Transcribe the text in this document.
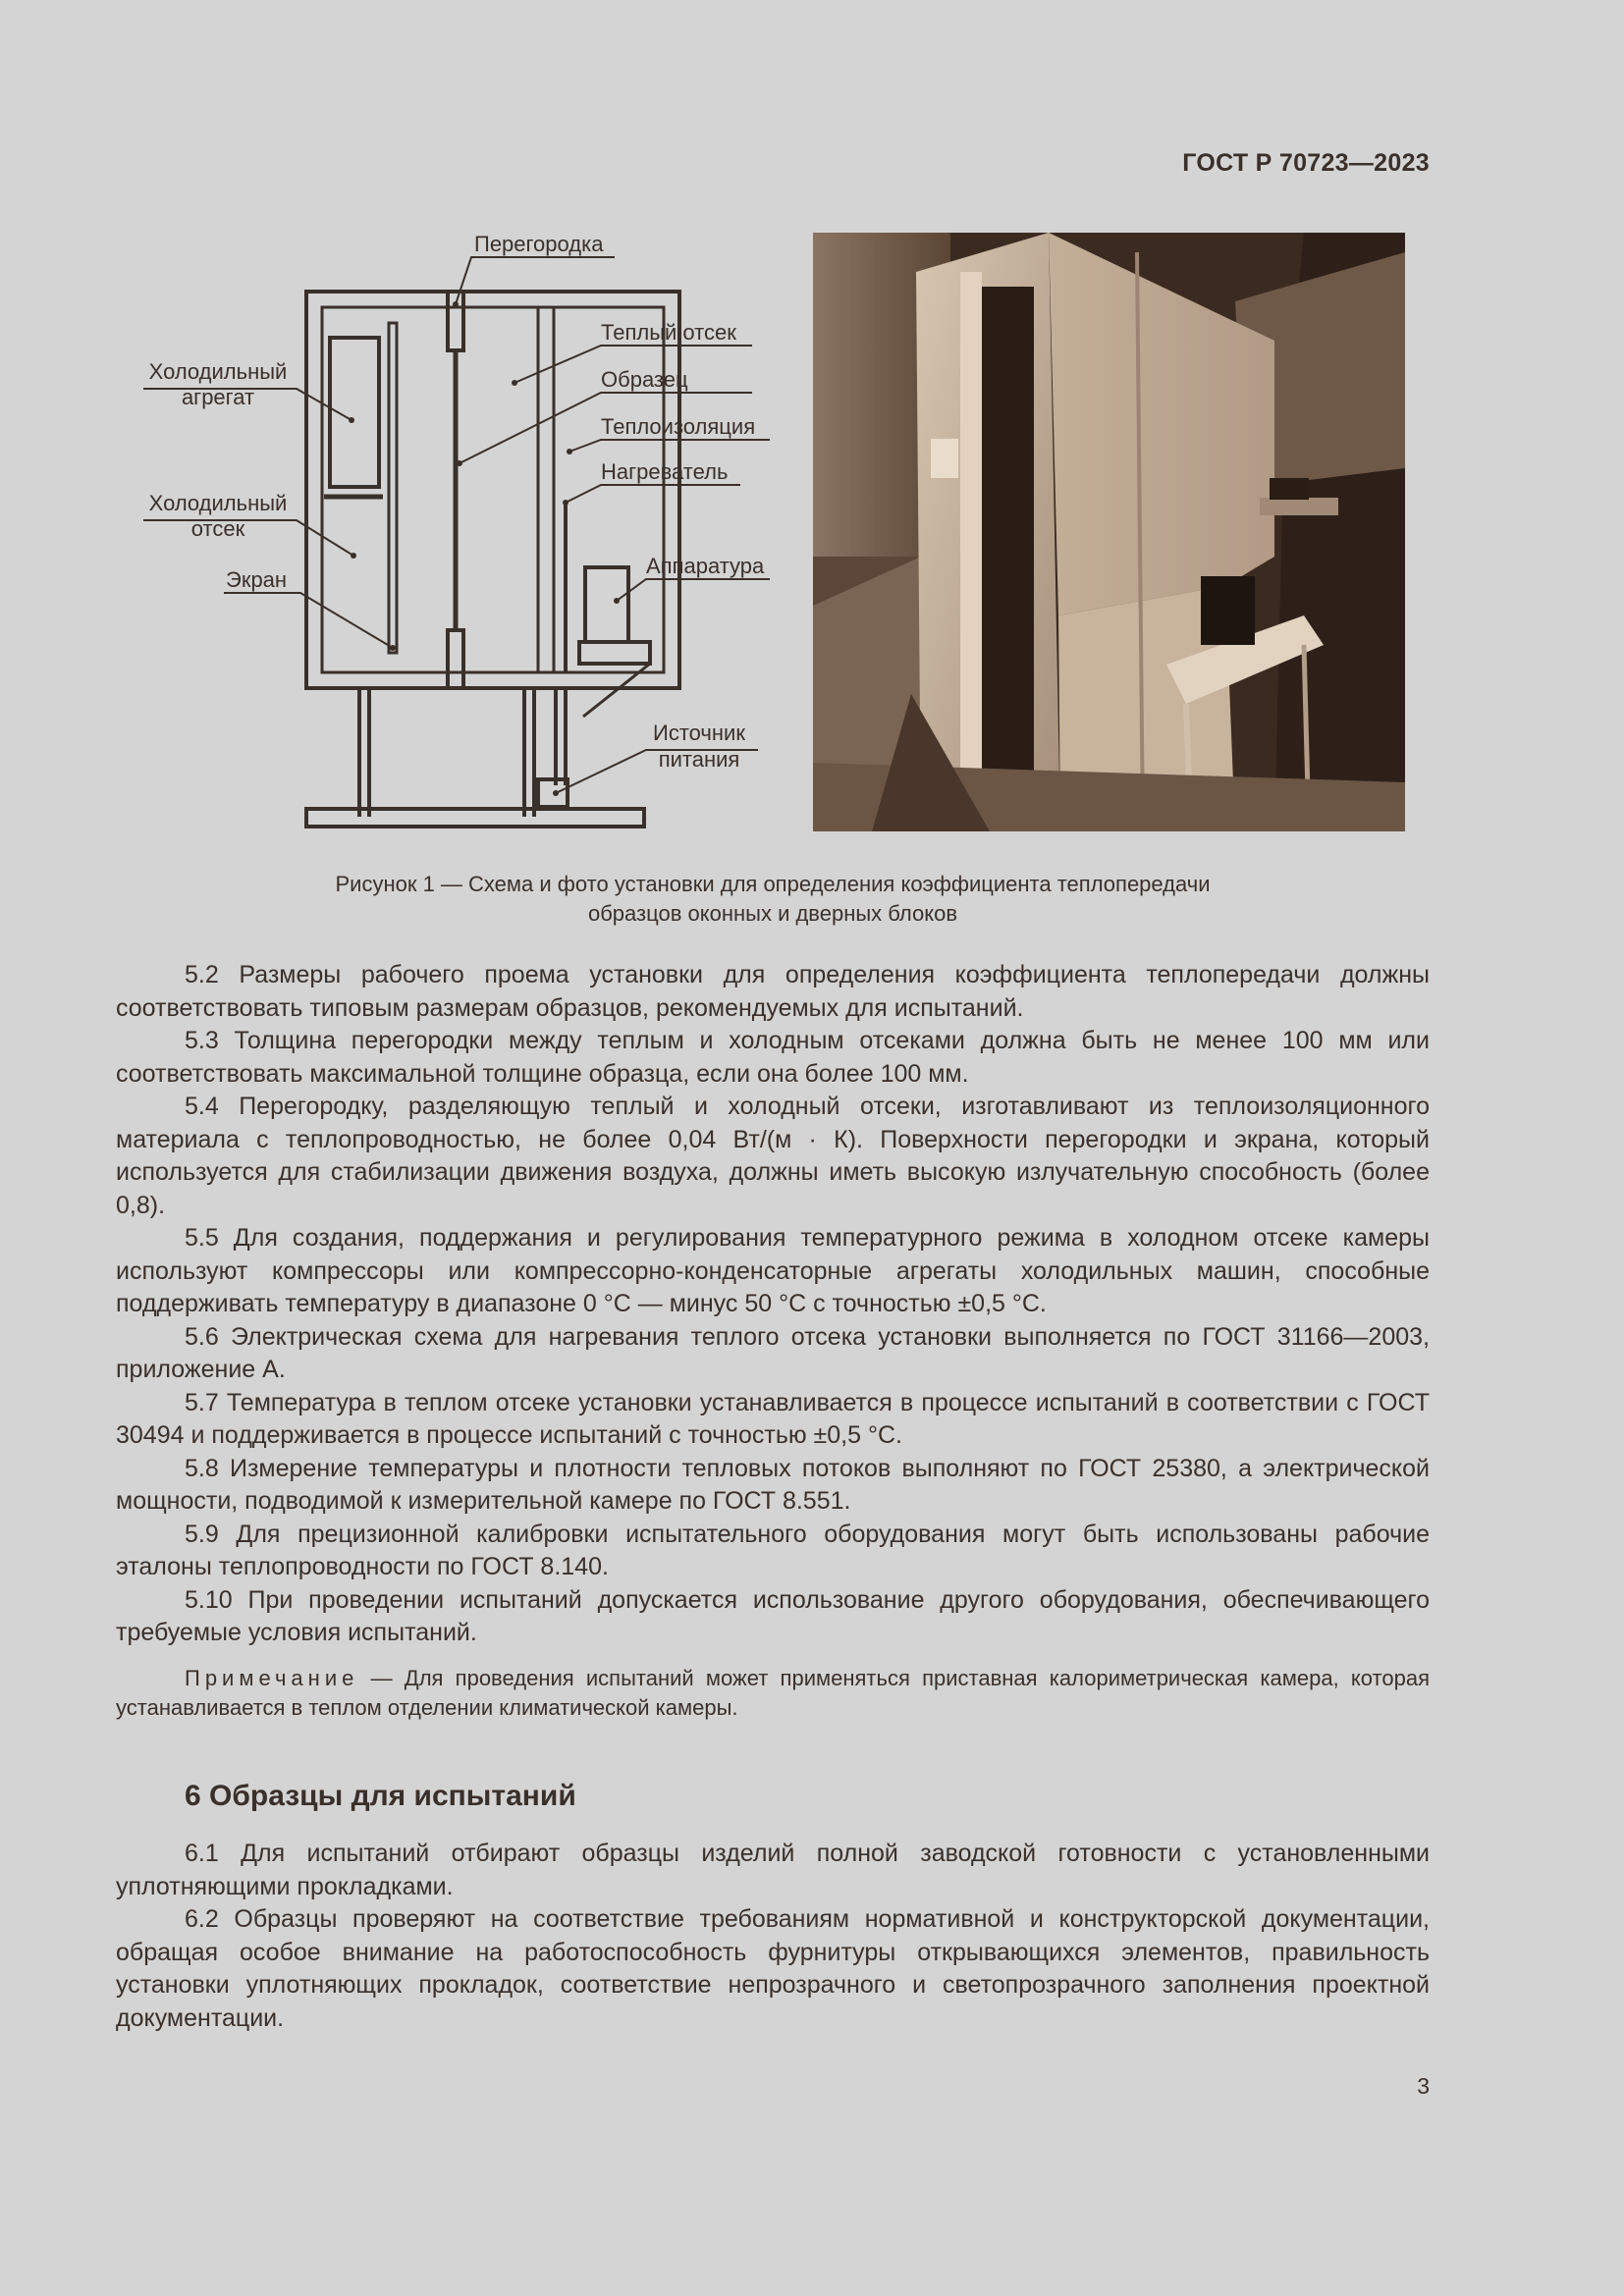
ГОСТ Р 70723—2023
Перегородка
Теплый отсек
Образец
Теплоизоляция
Нагреватель
Аппаратура
Источник
питания
Холодильный
агрегат
Холодильный
отсек
Экран
Рисунок 1 — Схема и фото установки для определения коэффициента теплопередачи
образцов оконных и дверных блоков

5.2 Размеры рабочего проема установки для определения коэффициента теплопередачи должны соответствовать типовым размерам образцов, рекомендуемых для испытаний.

5.3 Толщина перегородки между теплым и холодным отсеками должна быть не менее 100 мм или соответствовать максимальной толщине образца, если она более 100 мм.

5.4 Перегородку, разделяющую теплый и холодный отсеки, изготавливают из теплоизоляционного материала с теплопроводностью, не более 0,04 Вт/(м · К). Поверхности перегородки и экрана, который используется для стабилизации движения воздуха, должны иметь высокую излучательную способность (более 0,8).

5.5 Для создания, поддержания и регулирования температурного режима в холодном отсеке камеры используют компрессоры или компрессорно-конденсаторные агрегаты холодильных машин, способные поддерживать температуру в диапазоне 0 °С — минус 50 °С с точностью ±0,5 °С.

5.6 Электрическая схема для нагревания теплого отсека установки выполняется по ГОСТ 31166—2003, приложение А.

5.7 Температура в теплом отсеке установки устанавливается в процессе испытаний в соответствии с ГОСТ 30494 и поддерживается в процессе испытаний с точностью ±0,5 °С.

5.8 Измерение температуры и плотности тепловых потоков выполняют по ГОСТ 25380, а электрической мощности, подводимой к измерительной камере по ГОСТ 8.551.

5.9 Для прецизионной калибровки испытательного оборудования могут быть использованы рабочие эталоны теплопроводности по ГОСТ 8.140.

5.10 При проведении испытаний допускается использование другого оборудования, обеспечивающего требуемые условия испытаний.

Примечание — Для проведения испытаний может применяться приставная калориметрическая камера, которая устанавливается в теплом отделении климатической камеры.

6 Образцы для испытаний

6.1 Для испытаний отбирают образцы изделий полной заводской готовности с установленными уплотняющими прокладками.

6.2 Образцы проверяют на соответствие требованиям нормативной и конструкторской документации, обращая особое внимание на работоспособность фурнитуры открывающихся элементов, правильность установки уплотняющих прокладок, соответствие непрозрачного и светопрозрачного заполнения проектной документации.

3
